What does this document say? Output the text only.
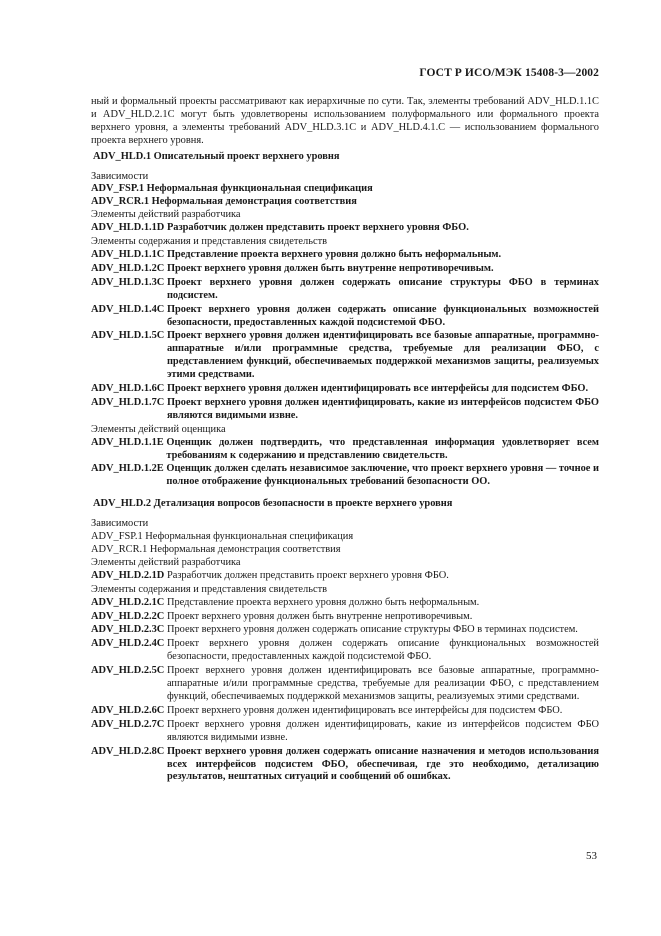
ГОСТ Р ИСО/МЭК 15408-3—2002

ный и формальный проекты рассматривают как иерархичные по сути. Так, элементы требований ADV_HLD.1.1C и ADV_HLD.2.1C могут быть удовлетворены использованием полуформального или формального проекта верхнего уровня, а элементы требований ADV_HLD.3.1C и ADV_HLD.4.1.C — использованием формального проекта верхнего уровня.

ADV_HLD.1 Описательный проект верхнего уровня
Зависимости
ADV_FSP.1 Неформальная функциональная спецификация
ADV_RCR.1 Неформальная демонстрация соответствия
Элементы действий разработчика
ADV_HLD.1.1D
Разработчик должен представить проект верхнего уровня ФБО.
Элементы содержания и представления свидетельств
ADV_HLD.1.1C
Представление проекта верхнего уровня должно быть неформальным.
ADV_HLD.1.2C
Проект верхнего уровня должен быть внутренне непротиворечивым.
ADV_HLD.1.3C
Проект верхнего уровня должен содержать описание структуры ФБО в терминах подсистем.
ADV_HLD.1.4C
Проект верхнего уровня должен содержать описание функциональных возможностей безопасности, предоставленных каждой подсистемой ФБО.
ADV_HLD.1.5C
Проект верхнего уровня должен идентифицировать все базовые аппаратные, программно-аппаратные и/или программные средства, требуемые для реализации ФБО, с представлением функций, обеспечиваемых поддержкой механизмов защиты, реализуемых этими средствами.
ADV_HLD.1.6C
Проект верхнего уровня должен идентифицировать все интерфейсы для подсистем ФБО.
ADV_HLD.1.7C
Проект верхнего уровня должен идентифицировать, какие из интерфейсов подсистем ФБО являются видимыми извне.
Элементы действий оценщика
ADV_HLD.1.1E
Оценщик должен подтвердить, что представленная информация удовлетворяет всем требованиям к содержанию и представлению свидетельств.
ADV_HLD.1.2E
Оценщик должен сделать независимое заключение, что проект верхнего уровня — точное и полное отображение функциональных требований безопасности ОО.
ADV_HLD.2 Детализация вопросов безопасности в проекте верхнего уровня
Зависимости
ADV_FSP.1 Неформальная функциональная спецификация
ADV_RCR.1 Неформальная демонстрация соответствия
Элементы действий разработчика
ADV_HLD.2.1D
Разработчик должен представить проект верхнего уровня ФБО.
Элементы содержания и представления свидетельств
ADV_HLD.2.1C
Представление проекта верхнего уровня должно быть неформальным.
ADV_HLD.2.2C
Проект верхнего уровня должен быть внутренне непротиворечивым.
ADV_HLD.2.3C
Проект верхнего уровня должен содержать описание структуры ФБО в терминах подсистем.
ADV_HLD.2.4C
Проект верхнего уровня должен содержать описание функциональных возможностей безопасности, предоставленных каждой подсистемой ФБО.
ADV_HLD.2.5C
Проект верхнего уровня должен идентифицировать все базовые аппаратные, программно-аппаратные и/или программные средства, требуемые для реализации ФБО, с представлением функций, обеспечиваемых поддержкой механизмов защиты, реализуемых этими средствами.
ADV_HLD.2.6C
Проект верхнего уровня должен идентифицировать все интерфейсы для подсистем ФБО.
ADV_HLD.2.7C
Проект верхнего уровня должен идентифицировать, какие из интерфейсов подсистем ФБО являются видимыми извне.
ADV_HLD.2.8C
Проект верхнего уровня должен содержать описание назначения и методов использования всех интерфейсов подсистем ФБО, обеспечивая, где это необходимо, детализацию результатов, нештатных ситуаций и сообщений об ошибках.
53
